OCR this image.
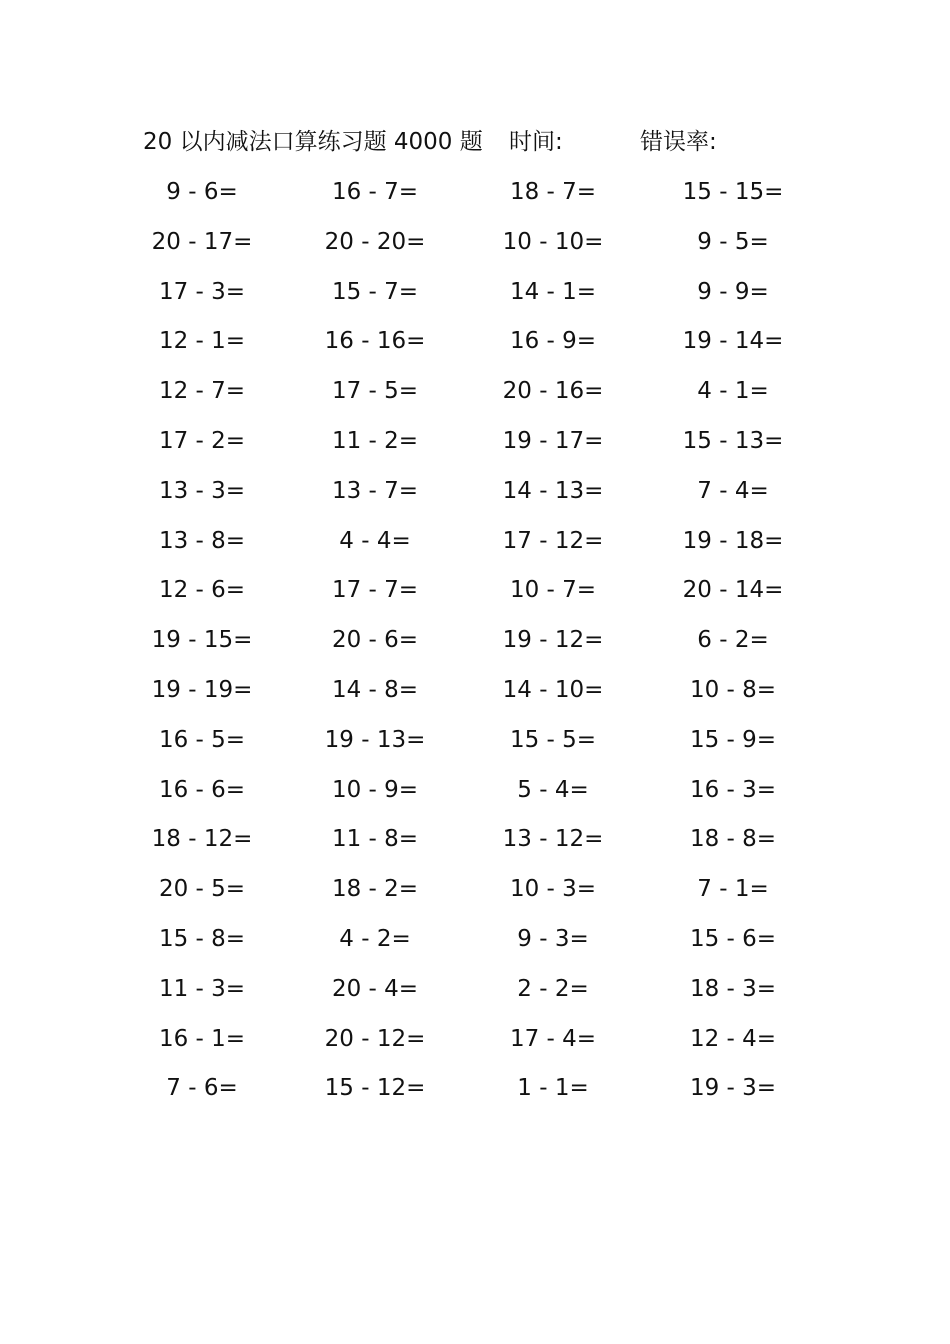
20 以内减法口算练习题 4000 题 时间:	错误率:
9 - 6=	16 - 7=	18 - 7=	15 - 15=
20 - 17=	20 - 20=	10 - 10=	9 - 5=
17 - 3=	15 - 7=	14 - 1=	9 - 9=
12 - 1=	16 - 16=	16 - 9=	19 - 14=
12 - 7=	17 - 5=	20 - 16=	4 - 1=
17 - 2=	11 - 2=	19 - 17=	15 - 13=
13 - 3=	13 - 7=	14 - 13=	7 - 4=
13 - 8=	4 - 4=	17 - 12=	19 - 18=
12 - 6=	17 - 7=	10 - 7=	20 - 14=
19 - 15=	20 - 6=	19 - 12=	6 - 2=
19 - 19=	14 - 8=	14 - 10=	10 - 8=
16 - 5=	19 - 13=	15 - 5=	15 - 9=
16 - 6=	10 - 9=	5 - 4=	16 - 3=
18 - 12=	11 - 8=	13 - 12=	18 - 8=
20 - 5=	18 - 2=	10 - 3=	7 - 1=
15 - 8=	4 - 2=	9 - 3=	15 - 6=
11 - 3=	20 - 4=	2 - 2=	18 - 3=
16 - 1=	20 - 12=	17 - 4=	12 - 4=
7 - 6=	15 - 12=	1 - 1=	19 - 3=
